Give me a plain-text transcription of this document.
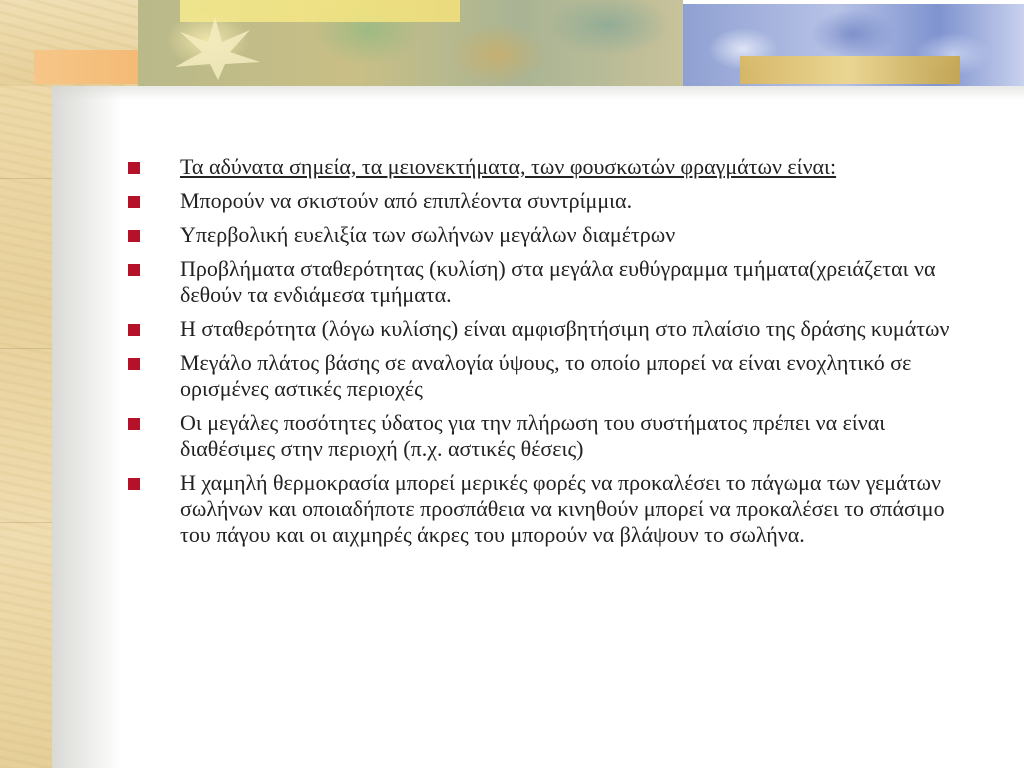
Τα αδύνατα σημεία, τα μειονεκτήματα, των φουσκωτών φραγμάτων είναι:
Μπορούν να σκιστούν από επιπλέοντα συντρίμμια.
Υπερβολική ευελιξία των σωλήνων μεγάλων διαμέτρων
Προβλήματα σταθερότητας (κυλίση) στα μεγάλα ευθύγραμμα τμήματα(χρειάζεται να δεθούν τα ενδιάμεσα τμήματα.
Η σταθερότητα (λόγω κυλίσης) είναι αμφισβητήσιμη στο πλαίσιο της δράσης κυμάτων
Μεγάλο πλάτος βάσης σε αναλογία ύψους, το οποίο μπορεί να είναι ενοχλητικό σε ορισμένες αστικές περιοχές
Οι μεγάλες ποσότητες ύδατος για την πλήρωση του συστήματος πρέπει να είναι διαθέσιμες στην περιοχή (π.χ. αστικές θέσεις)
Η χαμηλή θερμοκρασία μπορεί μερικές φορές να προκαλέσει το πάγωμα των γεμάτων σωλήνων και οποιαδήποτε προσπάθεια να κινηθούν μπορεί να προκαλέσει το σπάσιμο του πάγου και οι αιχμηρές άκρες του μπορούν να βλάψουν το σωλήνα.
